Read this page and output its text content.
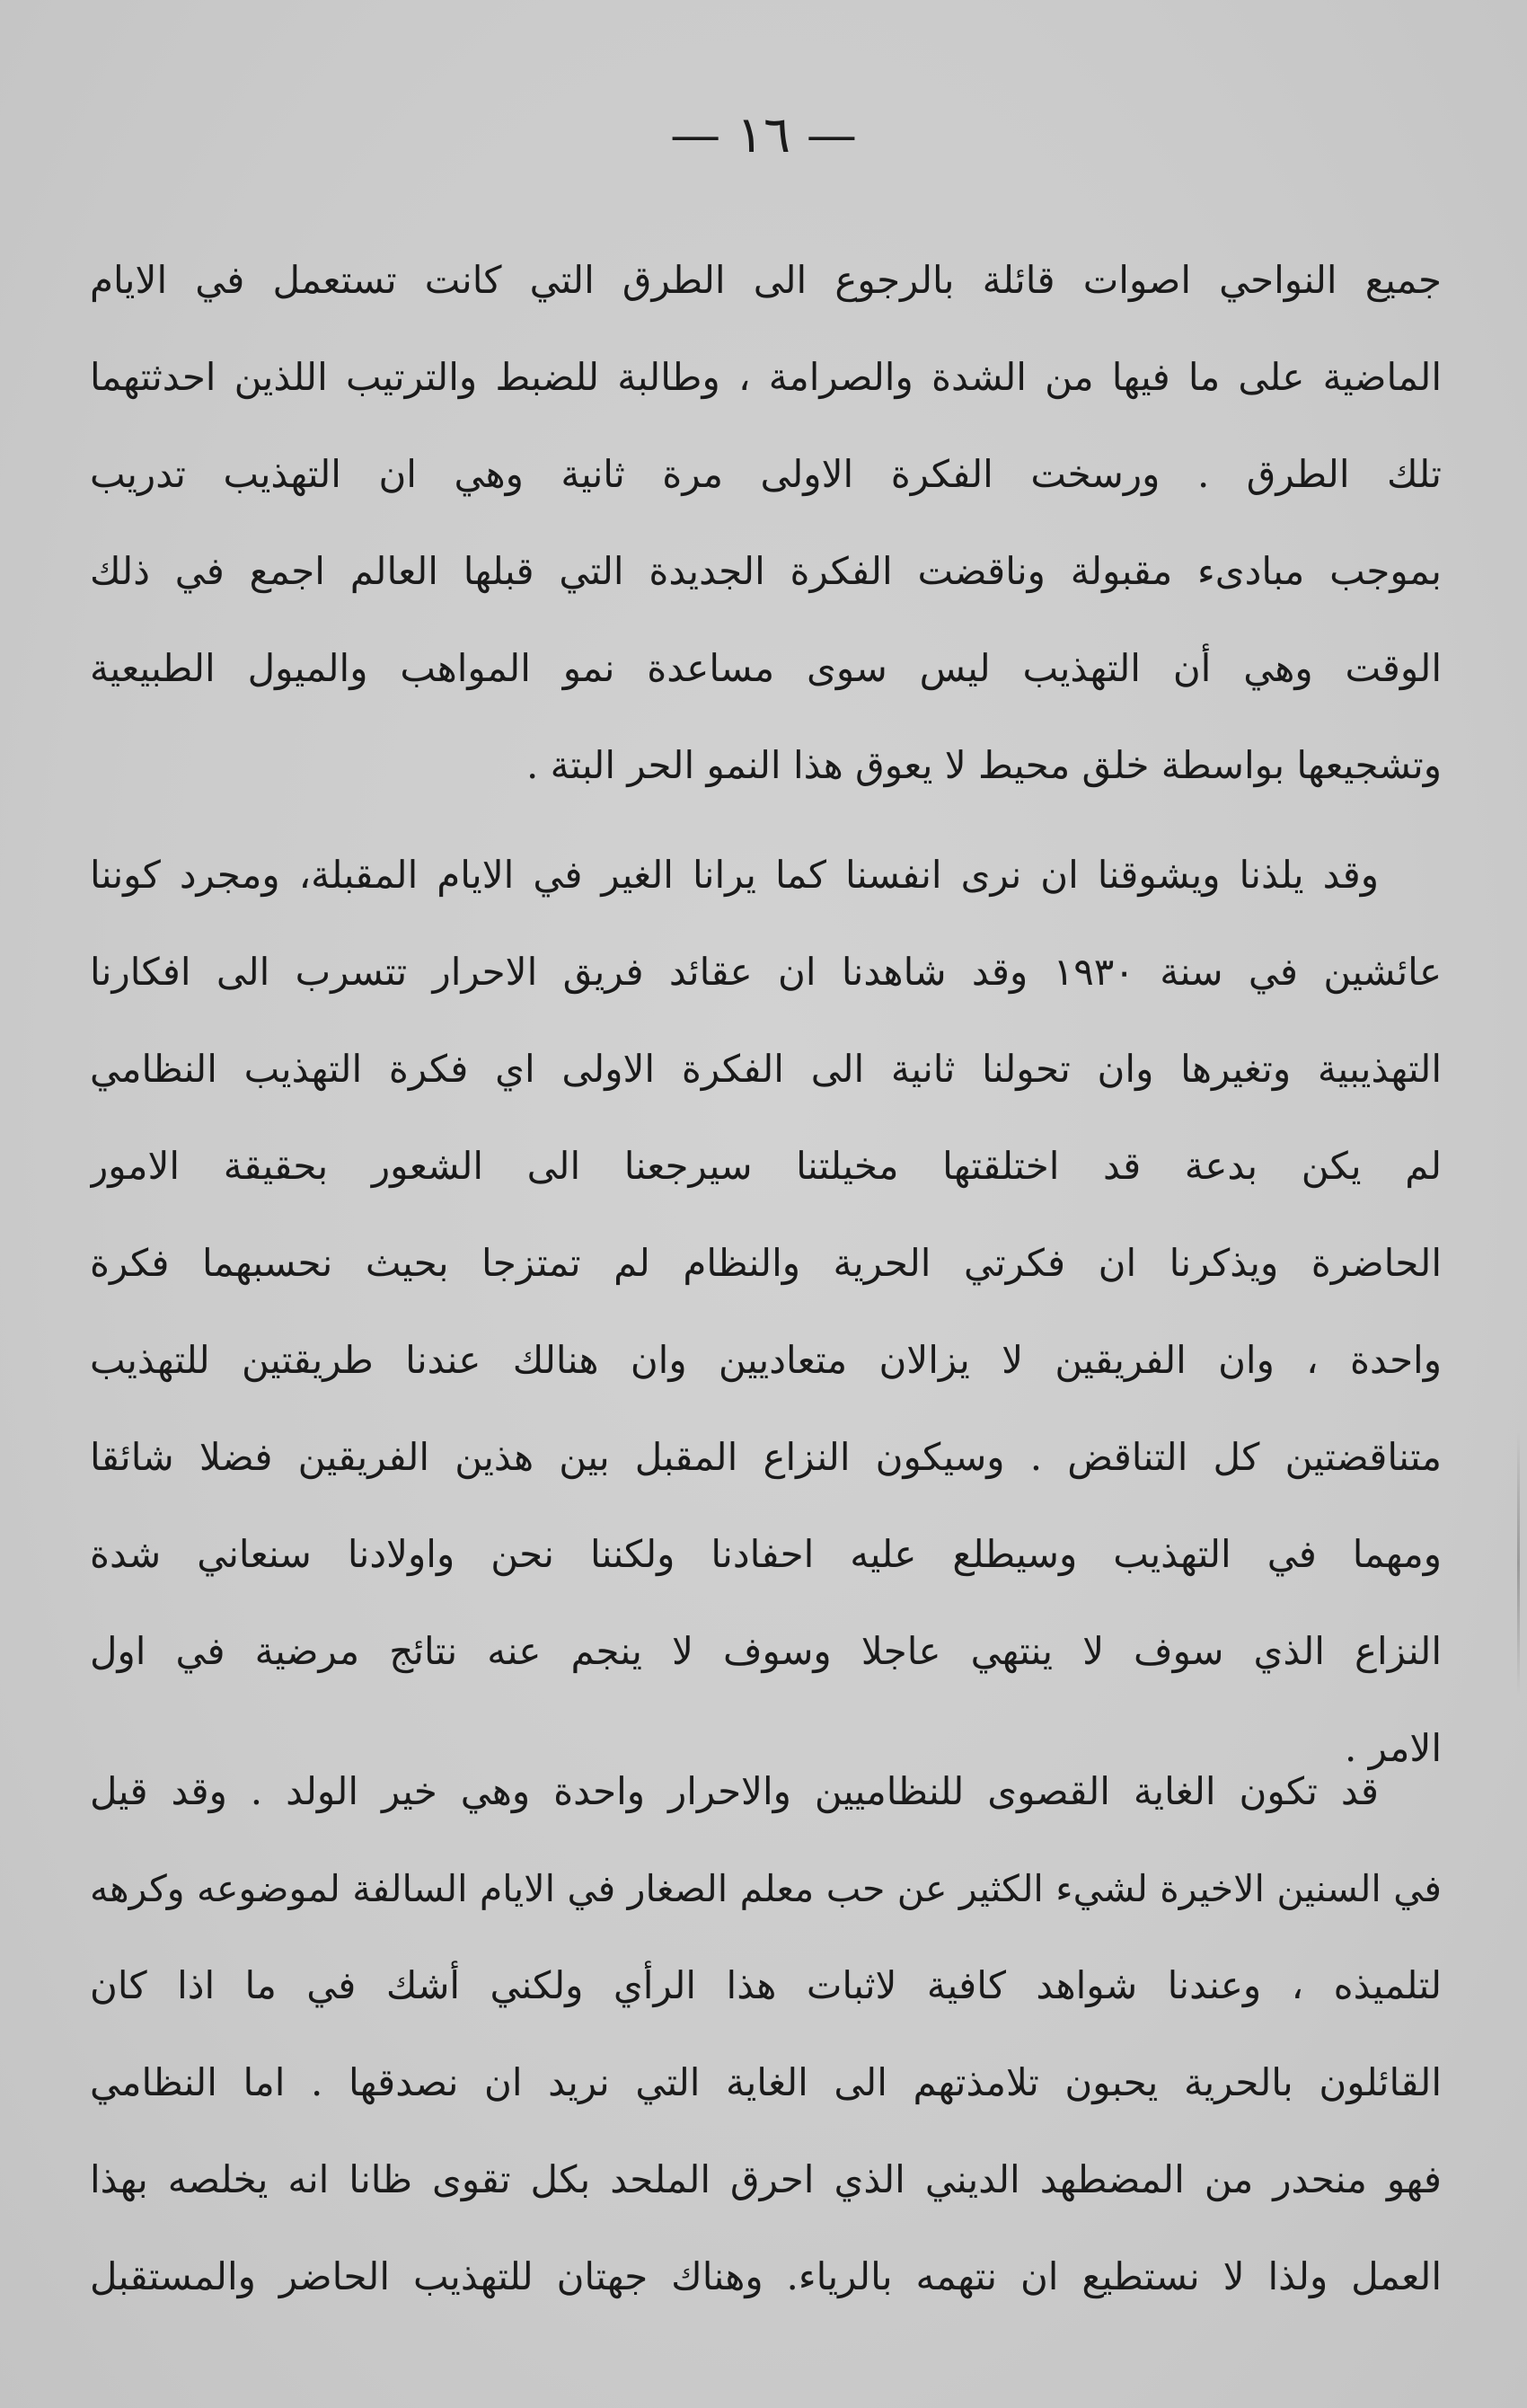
— ١٦ —
جميع النواحي اصوات قائلة بالرجوع الى الطرق التي كانت تستعمل في الايام
الماضية على ما فيها من الشدة والصرامة ، وطالبة للضبط والترتيب اللذين احدثتهما
تلك الطرق . ورسخت الفكرة الاولى مرة ثانية وهي ان التهذيب تدريب
بموجب مبادىء مقبولة وناقضت الفكرة الجديدة التي قبلها العالم اجمع في ذلك
الوقت وهي أن التهذيب ليس سوى مساعدة نمو المواهب والميول الطبيعية
وتشجيعها بواسطة خلق محيط لا يعوق هذا النمو الحر البتة .
وقد يلذنا ويشوقنا ان نرى انفسنا كما يرانا الغير في الايام المقبلة، ومجرد كوننا
عائشين في سنة ١٩٣٠ وقد شاهدنا ان عقائد فريق الاحرار تتسرب الى افكارنا
التهذيبية وتغيرها وان تحولنا ثانية الى الفكرة الاولى اي فكرة التهذيب النظامي
لم يكن بدعة قد اختلقتها مخيلتنا سيرجعنا الى الشعور بحقيقة الامور
الحاضرة ويذكرنا ان فكرتي الحرية والنظام لم تمتزجا بحيث نحسبهما فكرة
واحدة ، وان الفريقين لا يزالان متعاديين وان هنالك عندنا طريقتين للتهذيب
متناقضتين كل التناقض . وسيكون النزاع المقبل بين هذين الفريقين فضلا شائقا
ومهما في التهذيب وسيطلع عليه احفادنا ولكننا نحن واولادنا سنعاني شدة
النزاع الذي سوف لا ينتهي عاجلا وسوف لا ينجم عنه نتائج مرضية في اول
الامر .
قد تكون الغاية القصوى للنظاميين والاحرار واحدة وهي خير الولد . وقد قيل
في السنين الاخيرة لشيء الكثير عن حب معلم الصغار في الايام السالفة لموضوعه وكرهه
لتلميذه ، وعندنا شواهد كافية لاثبات هذا الرأي ولكني أشك في ما اذا كان
القائلون بالحرية يحبون تلامذتهم الى الغاية التي نريد ان نصدقها . اما النظامي
فهو منحدر من المضطهد الديني الذي احرق الملحد بكل تقوى ظانا انه يخلصه بهذا
العمل ولذا لا نستطيع ان نتهمه بالرياء. وهناك جهتان للتهذيب الحاضر والمستقبل
